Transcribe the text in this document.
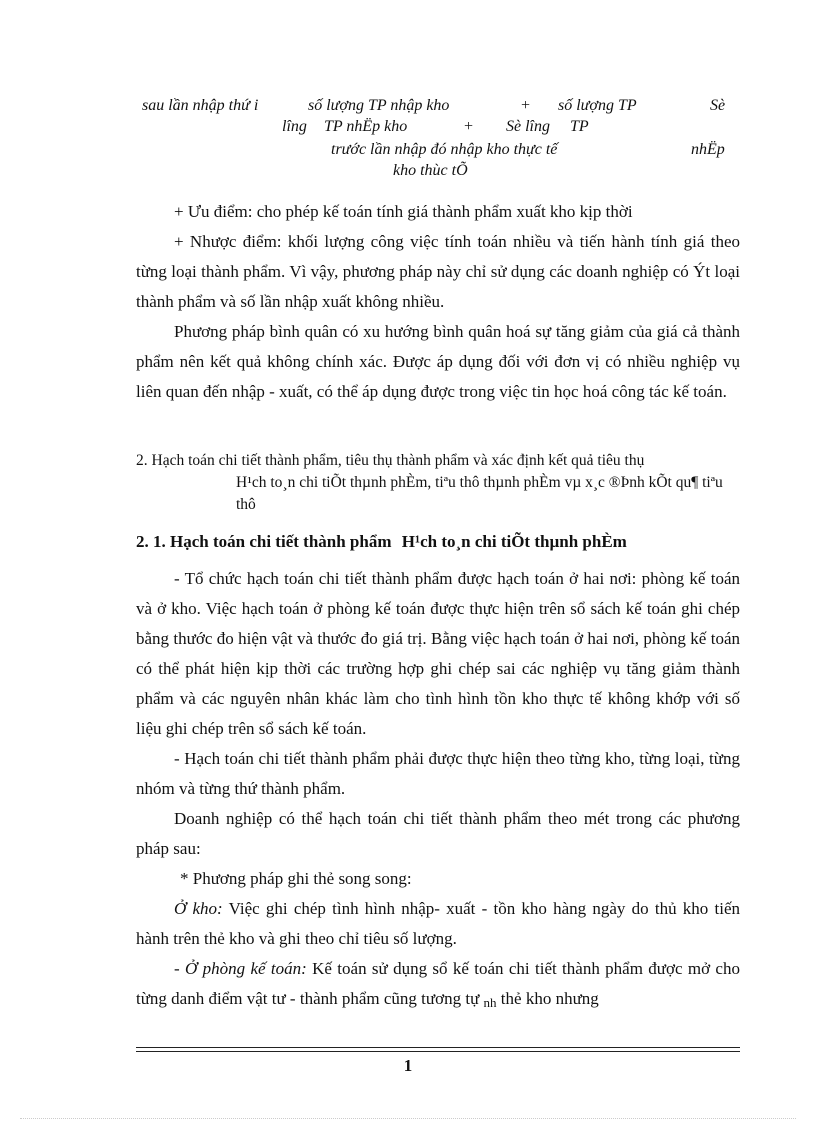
sau lần nhập thứ i	số lượng TP nhập kho	+ số lượng TP	Sè
lîng TP nhËp kho	+ Sè lîng TP
trước lần nhập đó nhập kho thực tế	nhËp
kho thùc tÕ

+ Ưu điểm: cho phép kế toán tính giá thành phẩm xuất kho kịp thời

+ Nhược điểm: khối lượng công việc tính toán nhiều và tiến hành tính giá theo từng loại thành phẩm. Vì vậy, phương pháp này chỉ sử dụng các doanh nghiệp có Ýt loại thành phẩm và số lần nhập xuất không nhiều.

Phương pháp bình quân có xu hướng bình quân hoá sự tăng giảm của giá cả thành phẩm nên kết quả không chính xác. Được áp dụng đối với đơn vị có nhiều nghiệp vụ liên quan đến nhập - xuất, có thể áp dụng được trong việc tin học hoá công tác kế toán.

2. Hạch toán chi tiết thành phẩm, tiêu thụ thành phẩm và xác định kết quả tiêu thụ
H¹ch to¸n chi tiÕt thµnh phÈm, tiªu thô thµnh phÈm vµ x¸c ®Þnh kÕt qu¶ tiªu thô
2. 1. Hạch toán chi tiết thành phẩm H¹ch to¸n chi tiÕt thµnh phÈm

- Tổ chức hạch toán chi tiết thành phẩm được hạch toán ở hai nơi: phòng kế toán và ở kho. Việc hạch toán ở phòng kế toán được thực hiện trên sổ sách kế toán ghi chép bằng thước đo hiện vật và thước đo giá trị. Bằng việc hạch toán ở hai nơi, phòng kế toán có thể phát hiện kịp thời các trường hợp ghi chép sai các nghiệp vụ tăng giảm thành phẩm và các nguyên nhân khác làm cho tình hình tồn kho thực tế không khớp với số liệu ghi chép trên sổ sách kế toán.

- Hạch toán chi tiết thành phẩm phải được thực hiện theo từng kho, từng loại, từng nhóm và từng thứ thành phẩm.

Doanh nghiệp có thể hạch toán chi tiết thành phẩm theo mét trong các phương pháp sau:

* Phương pháp ghi thẻ song song:

Ở kho: Việc ghi chép tình hình nhập- xuất - tồn kho hàng ngày do thủ kho tiến hành trên thẻ kho và ghi theo chỉ tiêu số lượng.

- Ở phòng kế toán: Kế toán sử dụng sổ kế toán chi tiết thành phẩm được mở cho từng danh điểm vật tư - thành phẩm cũng tương tự nh thẻ kho nhưng

1
